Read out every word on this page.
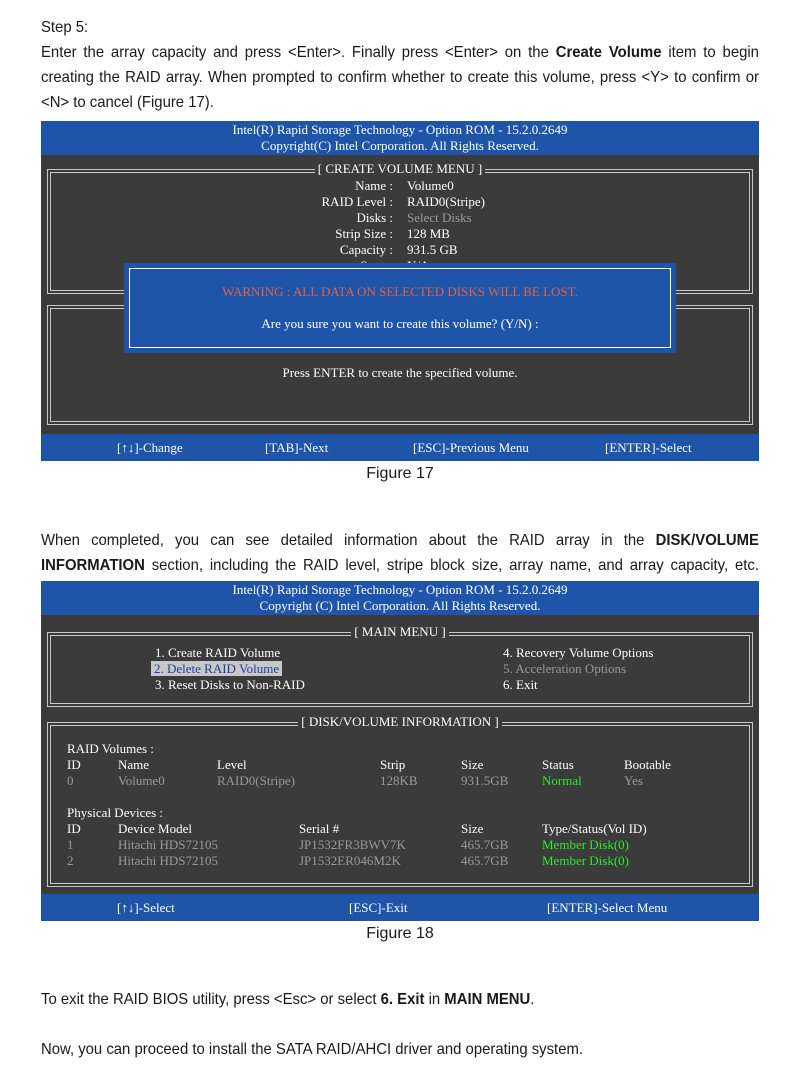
Step 5:
Enter the array capacity and press <Enter>. Finally press <Enter> on the Create Volume item to begin creating the RAID array. When prompted to confirm whether to create this volume, press <Y> to confirm or <N> to cancel (Figure 17).
Intel(R) Rapid Storage Technology - Option ROM - 15.2.0.2649
Copyright(C) Intel Corporation. All Rights Reserved.
[ CREATE VOLUME MENU ]
Name : Volume0
RAID Level : RAID0(Stripe)
Disks : Select Disks
Strip Size : 128 MB
Capacity : 931.5 GB
Press ENTER to create the specified volume.
WARNING : ALL DATA ON SELECTED DISKS WILL BE LOST.
Are you sure you want to create this volume? (Y/N) :
[↑↓]-Change	[TAB]-Next	[ESC]-Previous Menu	[ENTER]-Select
Figure 17
When completed, you can see detailed information about the RAID array in the DISK/VOLUME INFORMATION section, including the RAID level, stripe block size, array name, and array capacity, etc.
Intel(R) Rapid Storage Technology - Option ROM - 15.2.0.2649
Copyright (C) Intel Corporation. All Rights Reserved.
[ MAIN MENU ]
1. Create RAID Volume
2. Delete RAID Volume
3. Reset Disks to Non-RAID
4. Recovery Volume Options
5. Acceleration Options
6. Exit
[ DISK/VOLUME INFORMATION ]
RAID Volumes :
ID	Name	Level	Strip	Size	Status	Bootable
0	Volume0	RAID0(Stripe)	128KB	931.5GB	Normal	Yes
Physical Devices :
ID	Device Model	Serial #	Size	Type/Status(Vol ID)
1	Hitachi HDS72105	JP1532FR3BWV7K	465.7GB	Member Disk(0)
2	Hitachi HDS72105	JP1532ER046M2K	465.7GB	Member Disk(0)
[↑↓]-Select	[ESC]-Exit	[ENTER]-Select Menu
Figure 18
To exit the RAID BIOS utility, press <Esc> or select 6. Exit in MAIN MENU.
Now, you can proceed to install the SATA RAID/AHCI driver and operating system.
